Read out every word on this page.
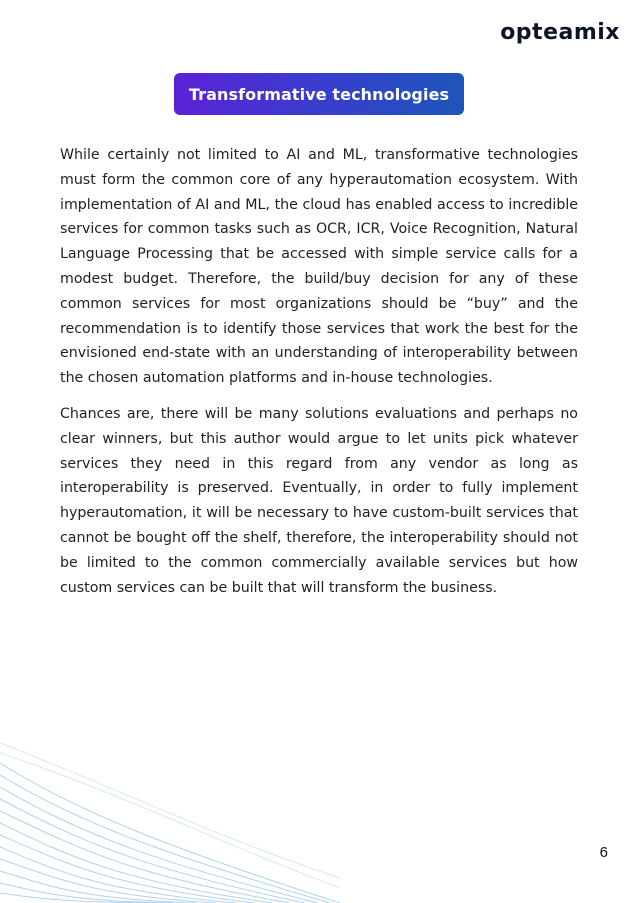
opteamix
Transformative technologies

While certainly not limited to AI and ML, transformative technologies must form the common core of any hyperautomation ecosystem. With implementation of AI and ML, the cloud has enabled access to incredible services for common tasks such as OCR, ICR, Voice Recognition, Natural Language Processing that be accessed with simple service calls for a modest budget. Therefore, the build/buy decision for any of these common services for most organizations should be “buy” and the recommendation is to identify those services that work the best for the envisioned end-state with an understanding of interoperability between the chosen automation platforms and in-house technologies.

Chances are, there will be many solutions evaluations and perhaps no clear winners, but this author would argue to let units pick whatever services they need in this regard from any vendor as long as interoperability is preserved. Eventually, in order to fully implement hyperautomation, it will be necessary to have custom-built services that cannot be bought off the shelf, therefore, the interoperability should not be limited to the common commercially available services but how custom services can be built that will transform the business.

6
